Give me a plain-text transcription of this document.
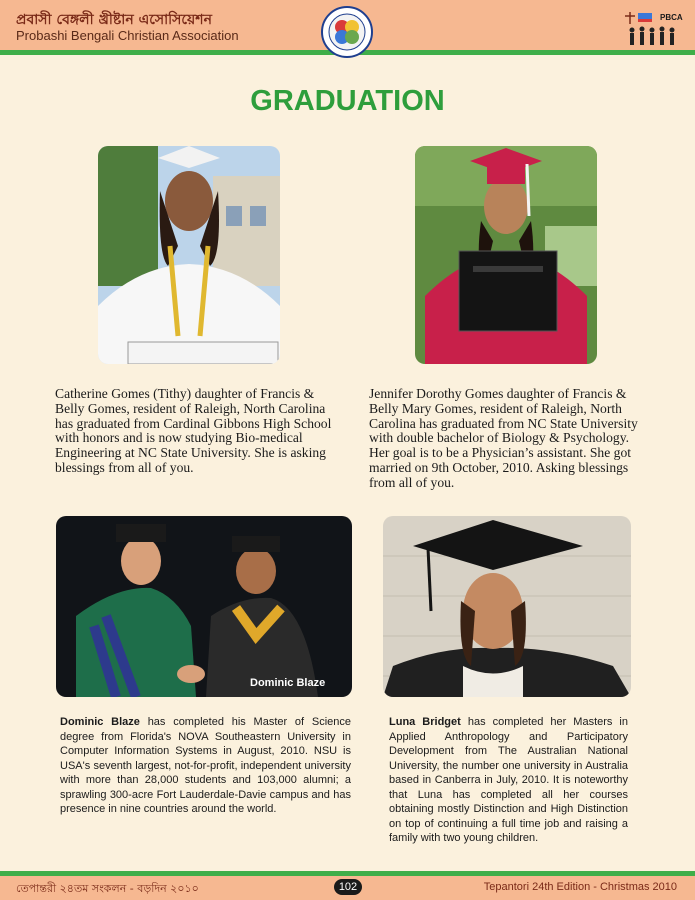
প্রবাসী বেঙ্গলী খ্রীষ্টান এসোসিয়েশন
Probashi Bengali Christian Association
PBCA
GRADUATION
Catherine Gomes (Tithy) daughter of Francis & Belly Gomes, resident of Raleigh, North Carolina has graduated from Cardinal Gibbons High School with honors and is now studying Bio-medical Engineering at NC State University. She is asking blessings from all of you.
Jennifer Dorothy Gomes daughter of Francis & Belly Mary Gomes, resident of Raleigh, North Carolina has graduated from NC State University with double bachelor of Biology & Psychology. Her goal is to be a Physician’s assistant. She got married on 9th October, 2010. Asking blessings from all of you.
Dominic Blaze
Dominic Blaze has completed his Master of Science degree from Florida's NOVA Southeastern University in Computer Information Systems in August, 2010. NSU is USA's seventh largest, not-for-profit, independent university with more than 28,000 students and 103,000 alumni; a sprawling 300-acre Fort Lauderdale-Davie campus and has presence in nine countries around the world.
Luna Bridget has completed her Masters in Applied Anthropology and Participatory Development from The Australian National University, the number one university in Australia based in Canberra in July, 2010. It is noteworthy that Luna has completed all her courses obtaining mostly Distinction and High Distinction on top of continuing a full time job and raising a family with two young children.
তেপান্তরী ২৪তম সংকলন - বড়দিন ২০১০	102	Tepantori 24th Edition - Christmas 2010
